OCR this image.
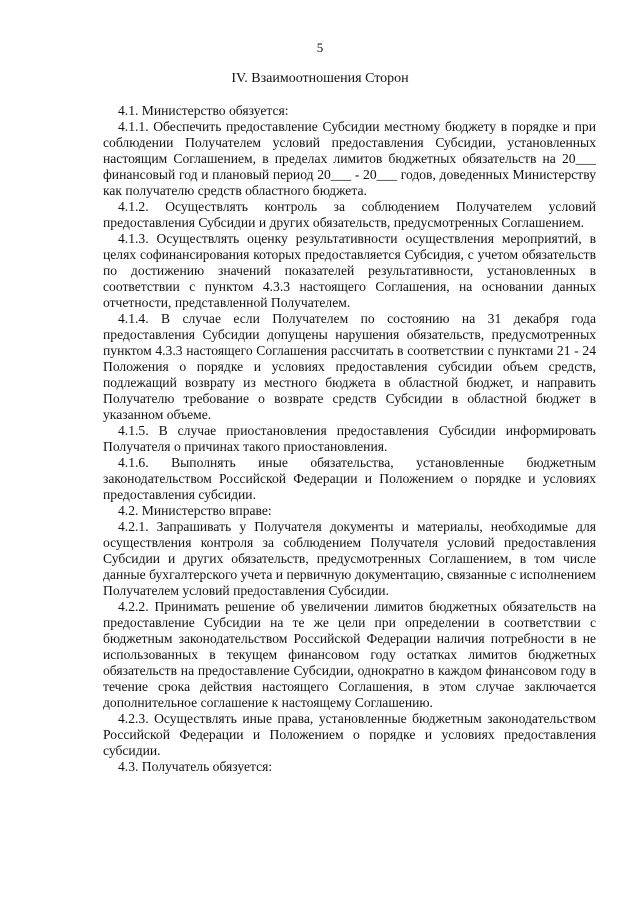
5
IV. Взаимоотношения Сторон

4.1. Министерство обязуется:

4.1.1. Обеспечить предоставление Субсидии местному бюджету в порядке и при соблюдении Получателем условий предоставления Субсидии, установленных настоящим Соглашением, в пределах лимитов бюджетных обязательств на 20___ финансовый год и плановый период 20___ - 20___ годов, доведенных Министерству как получателю средств областного бюджета.

4.1.2. Осуществлять контроль за соблюдением Получателем условий предоставления Субсидии и других обязательств, предусмотренных Соглашением.

4.1.3. Осуществлять оценку результативности осуществления мероприятий, в целях софинансирования которых предоставляется Субсидия, с учетом обязательств по достижению значений показателей результативности, установленных в соответствии с пунктом 4.3.3 настоящего Соглашения, на основании данных отчетности, представленной Получателем.

4.1.4. В случае если Получателем по состоянию на 31 декабря года предоставления Субсидии допущены нарушения обязательств, предусмотренных пунктом 4.3.3 настоящего Соглашения рассчитать в соответствии с пунктами 21 - 24 Положения о порядке и условиях предоставления субсидии объем средств, подлежащий возврату из местного бюджета в областной бюджет, и направить Получателю требование о возврате средств Субсидии в областной бюджет в указанном объеме.

4.1.5. В случае приостановления предоставления Субсидии информировать Получателя о причинах такого приостановления.

4.1.6. Выполнять иные обязательства, установленные бюджетным законодательством Российской Федерации и Положением о порядке и условиях предоставления субсидии.

4.2. Министерство вправе:

4.2.1. Запрашивать у Получателя документы и материалы, необходимые для осуществления контроля за соблюдением Получателя условий предоставления Субсидии и других обязательств, предусмотренных Соглашением, в том числе данные бухгалтерского учета и первичную документацию, связанные с исполнением Получателем условий предоставления Субсидии.

4.2.2. Принимать решение об увеличении лимитов бюджетных обязательств на предоставление Субсидии на те же цели при определении в соответствии с бюджетным законодательством Российской Федерации наличия потребности в не использованных в текущем финансовом году остатках лимитов бюджетных обязательств на предоставление Субсидии, однократно в каждом финансовом году в течение срока действия настоящего Соглашения, в этом случае заключается дополнительное соглашение к настоящему Соглашению.

4.2.3. Осуществлять иные права, установленные бюджетным законодательством Российской Федерации и Положением о порядке и условиях предоставления субсидии.

4.3. Получатель обязуется:
